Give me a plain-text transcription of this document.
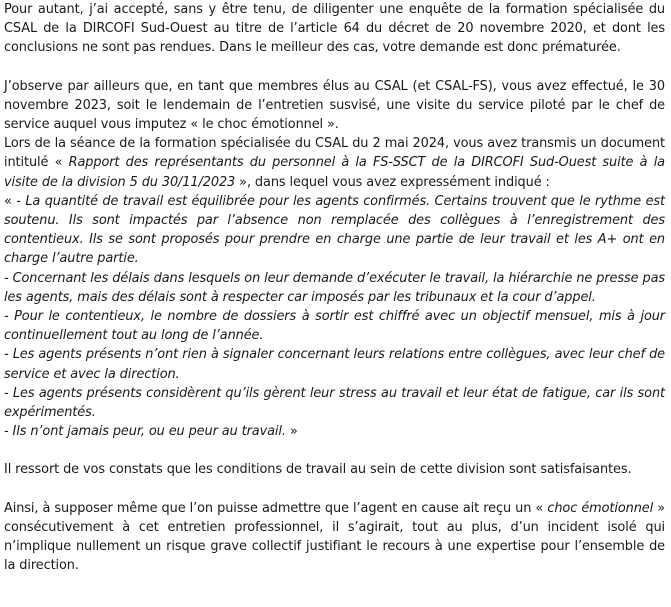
Pour autant, j’ai accepté, sans y être tenu, de diligenter une enquête de la formation spécialisée du CSAL de la DIRCOFI Sud-Ouest au titre de l’article 64 du décret de 20 novembre 2020, et dont les conclusions ne sont pas rendues. Dans le meilleur des cas, votre demande est donc prématurée.

J’observe par ailleurs que, en tant que membres élus au CSAL (et CSAL-FS), vous avez effectué, le 30 novembre 2023, soit le lendemain de l’entretien susvisé, une visite du service piloté par le chef de service auquel vous imputez « le choc émotionnel ».

Lors de la séance de la formation spécialisée du CSAL du 2 mai 2024, vous avez transmis un document intitulé « Rapport des représentants du personnel à la FS-SSCT de la DIRCOFI Sud-Ouest suite à la visite de la division 5 du 30/11/2023 », dans lequel vous avez expressément indiqué :

« - La quantité de travail est équilibrée pour les agents confirmés. Certains trouvent que le rythme est soutenu. Ils sont impactés par l’absence non remplacée des collègues à l’enregistrement des contentieux. Ils se sont proposés pour prendre en charge une partie de leur travail et les A+ ont en charge l’autre partie.

- Concernant les délais dans lesquels on leur demande d’exécuter le travail, la hiérarchie ne presse pas les agents, mais des délais sont à respecter car imposés par les tribunaux et la cour d’appel.

- Pour le contentieux, le nombre de dossiers à sortir est chiffré avec un objectif mensuel, mis à jour continuellement tout au long de l’année.

- Les agents présents n’ont rien à signaler concernant leurs relations entre collègues, avec leur chef de service et avec la direction.

- Les agents présents considèrent qu’ils gèrent leur stress au travail et leur état de fatigue, car ils sont expérimentés.

- Ils n’ont jamais peur, ou eu peur au travail. »

Il ressort de vos constats que les conditions de travail au sein de cette division sont satisfaisantes.

Ainsi, à supposer même que l’on puisse admettre que l’agent en cause ait reçu un « choc émotionnel » consécutivement à cet entretien professionnel, il s’agirait, tout au plus, d’un incident isolé qui n’implique nullement un risque grave collectif justifiant le recours à une expertise pour l’ensemble de la direction.
